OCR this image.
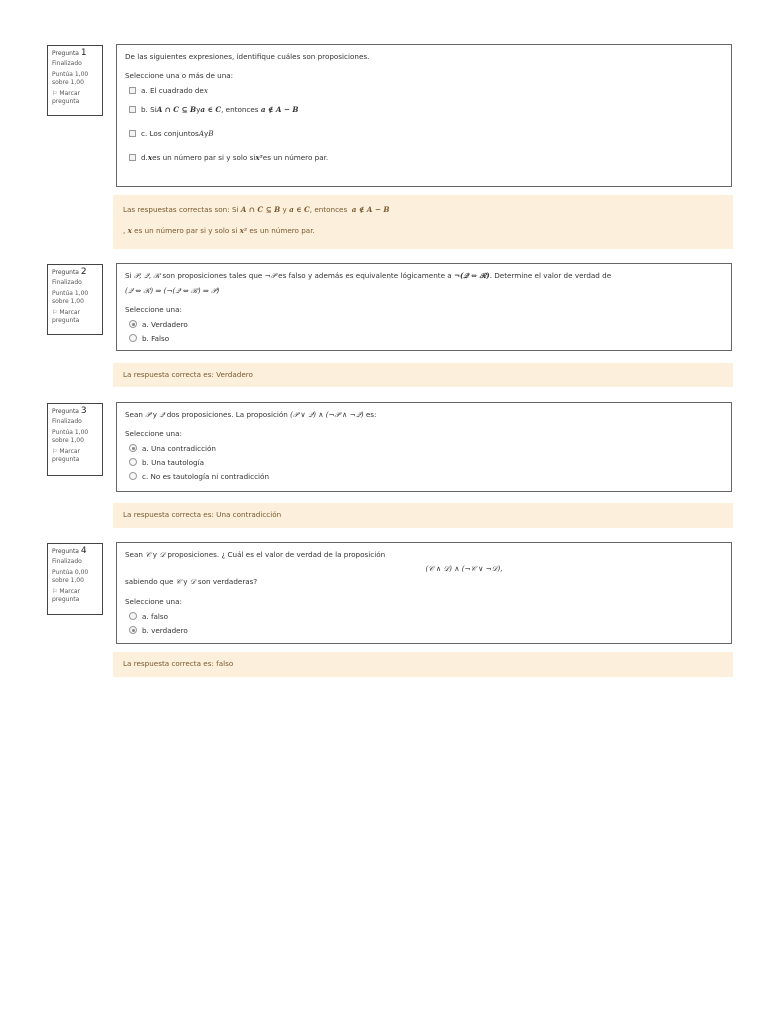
Pregunta 1
Finalizado
Puntúa 1,00
sobre 1,00
⚐ Marcar
pregunta
De las siguientes expresiones, identifique cuáles son proposiciones.
Seleccione una o más de una:
a. El cuadrado de x
b. Si A ∩ C ⊆ B y a ∈ C , entonces
a ∉ A − B
c. Los conjuntos A y B
d. x es un número par si y solo si x² es un número par.
Las respuestas correctas son: Si A ∩ C ⊆ B y a ∈ C, entonces  a ∉ A − B
, x es un número par si y solo si x² es un número par.
Pregunta 2
Finalizado
Puntúa 1,00
sobre 1,00
⚐ Marcar
pregunta
Si 𝒫, 𝒬, ℛ son proposiciones tales que ¬𝒫 es falso y además es equivalente lógicamente a ¬(𝒬 ⇔ ℛ). Determine el valor de verdad de
(𝒬 ⇔ ℛ) ⇒ (¬(𝒬 ⇔ ℛ) ⇒ 𝒫)
Seleccione una:
a. Verdadero
b. Falso
La respuesta correcta es: Verdadero
Pregunta 3
Finalizado
Puntúa 1,00
sobre 1,00
⚐ Marcar
pregunta
Sean 𝒫 y 𝒬 dos proposiciones. La proposición (𝒫 ∨ 𝒬) ∧ (¬𝒫 ∧ ¬𝒬) es:
Seleccione una:
a. Una contradicción
b. Una tautología
c. No es tautología ni contradicción
La respuesta correcta es: Una contradicción
Pregunta 4
Finalizado
Puntúa 0,00
sobre 1,00
⚐ Marcar
pregunta
Sean 𝒞 y 𝒟 proposiciones. ¿ Cuál es el valor de verdad de la proposición
(𝒞 ∧ 𝒟) ∧ (¬𝒞 ∨ ¬𝒟),
sabiendo que 𝒞 y 𝒟 son verdaderas?
Seleccione una:
a. falso
b. verdadero
La respuesta correcta es: falso
